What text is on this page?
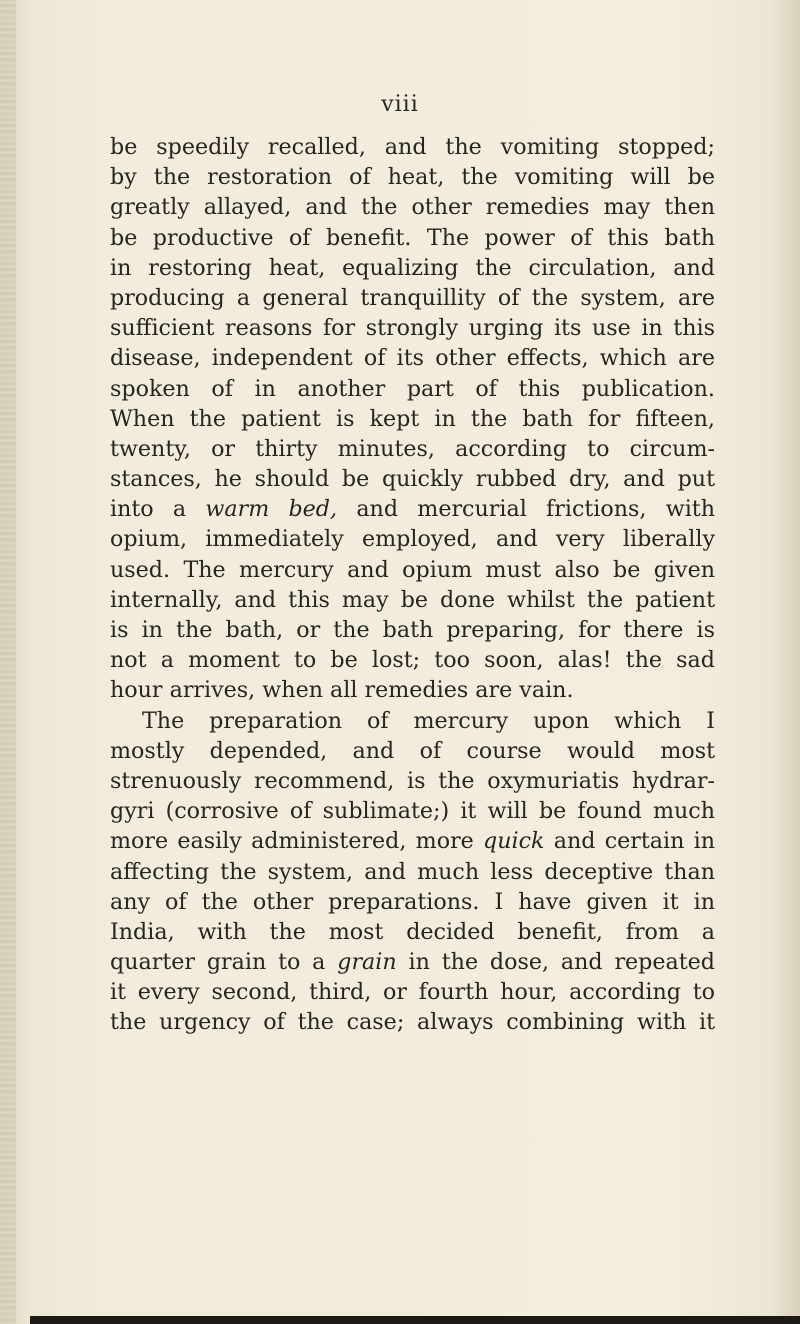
viii
be speedily recalled, and the vomiting stopped;
by the restoration of heat, the vomiting will be
greatly allayed, and the other remedies may then
be productive of benefit. The power of this bath
in restoring heat, equalizing the circulation, and
producing a general tranquillity of the system, are
sufficient reasons for strongly urging its use in this
disease, independent of its other effects, which are
spoken of in another part of this publication.
When the patient is kept in the bath for fifteen,
twenty, or thirty minutes, according to circum-
stances, he should be quickly rubbed dry, and put
into a warm bed, and mercurial frictions, with
opium, immediately employed, and very liberally
used. The mercury and opium must also be given
internally, and this may be done whilst the patient
is in the bath, or the bath preparing, for there is
not a moment to be lost; too soon, alas! the sad
hour arrives, when all remedies are vain.
The preparation of mercury upon which I
mostly depended, and of course would most
strenuously recommend, is the oxymuriatis hydrar-
gyri (corrosive of sublimate;) it will be found much
more easily administered, more quick and certain in
affecting the system, and much less deceptive than
any of the other preparations. I have given it in
India, with the most decided benefit, from a
quarter grain to a grain in the dose, and repeated
it every second, third, or fourth hour, according to
the urgency of the case; always combining with it
